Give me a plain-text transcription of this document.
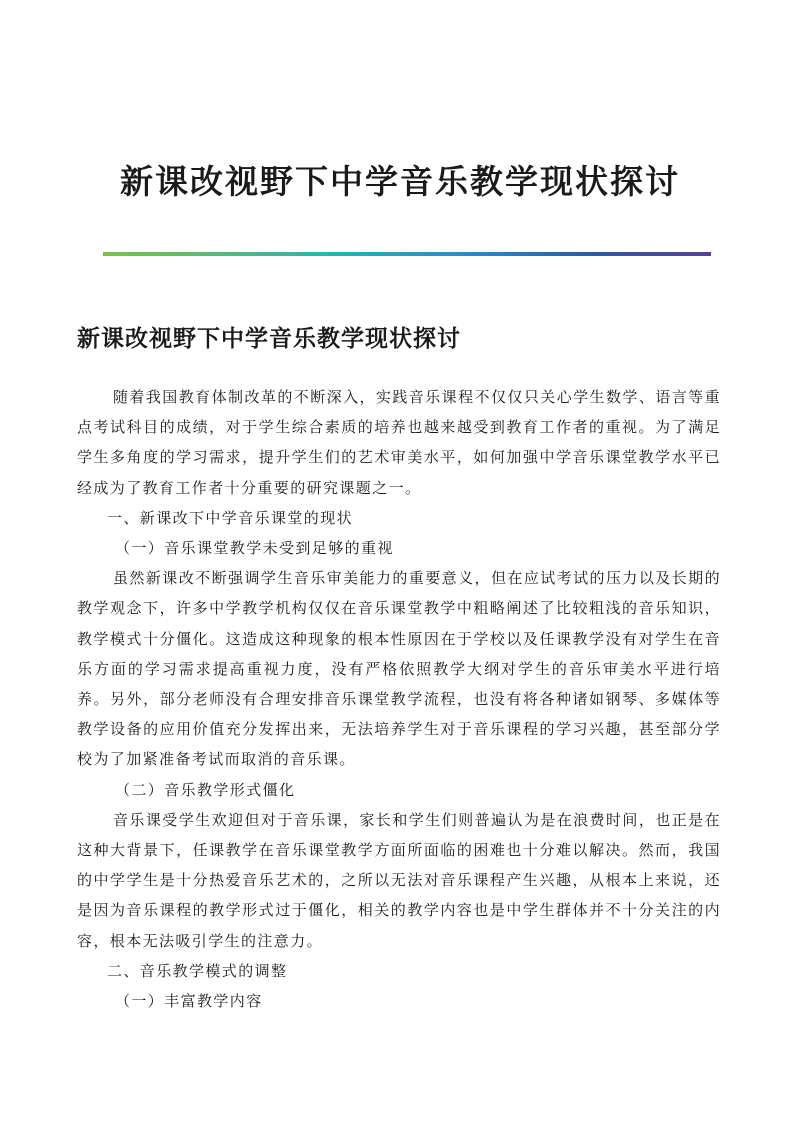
新课改视野下中学音乐教学现状探讨
新课改视野下中学音乐教学现状探讨

随着我国教育体制改革的不断深入，实践音乐课程不仅仅只关心学生数学、语言等重点考试科目的成绩，对于学生综合素质的培养也越来越受到教育工作者的重视。为了满足学生多角度的学习需求，提升学生们的艺术审美水平，如何加强中学音乐课堂教学水平已经成为了教育工作者十分重要的研究课题之一。

一、新课改下中学音乐课堂的现状

（一）音乐课堂教学未受到足够的重视

虽然新课改不断强调学生音乐审美能力的重要意义，但在应试考试的压力以及长期的教学观念下，许多中学教学机构仅仅在音乐课堂教学中粗略阐述了比较粗浅的音乐知识，教学模式十分僵化。这造成这种现象的根本性原因在于学校以及任课教学没有对学生在音乐方面的学习需求提高重视力度，没有严格依照教学大纲对学生的音乐审美水平进行培养。另外，部分老师没有合理安排音乐课堂教学流程，也没有将各种诸如钢琴、多媒体等教学设备的应用价值充分发挥出来，无法培养学生对于音乐课程的学习兴趣，甚至部分学校为了加紧准备考试而取消的音乐课。

（二）音乐教学形式僵化

音乐课受学生欢迎但对于音乐课，家长和学生们则普遍认为是在浪费时间，也正是在这种大背景下，任课教学在音乐课堂教学方面所面临的困难也十分难以解决。然而，我国的中学学生是十分热爱音乐艺术的，之所以无法对音乐课程产生兴趣，从根本上来说，还是因为音乐课程的教学形式过于僵化，相关的教学内容也是中学生群体并不十分关注的内容，根本无法吸引学生的注意力。

二、音乐教学模式的调整

（一）丰富教学内容
